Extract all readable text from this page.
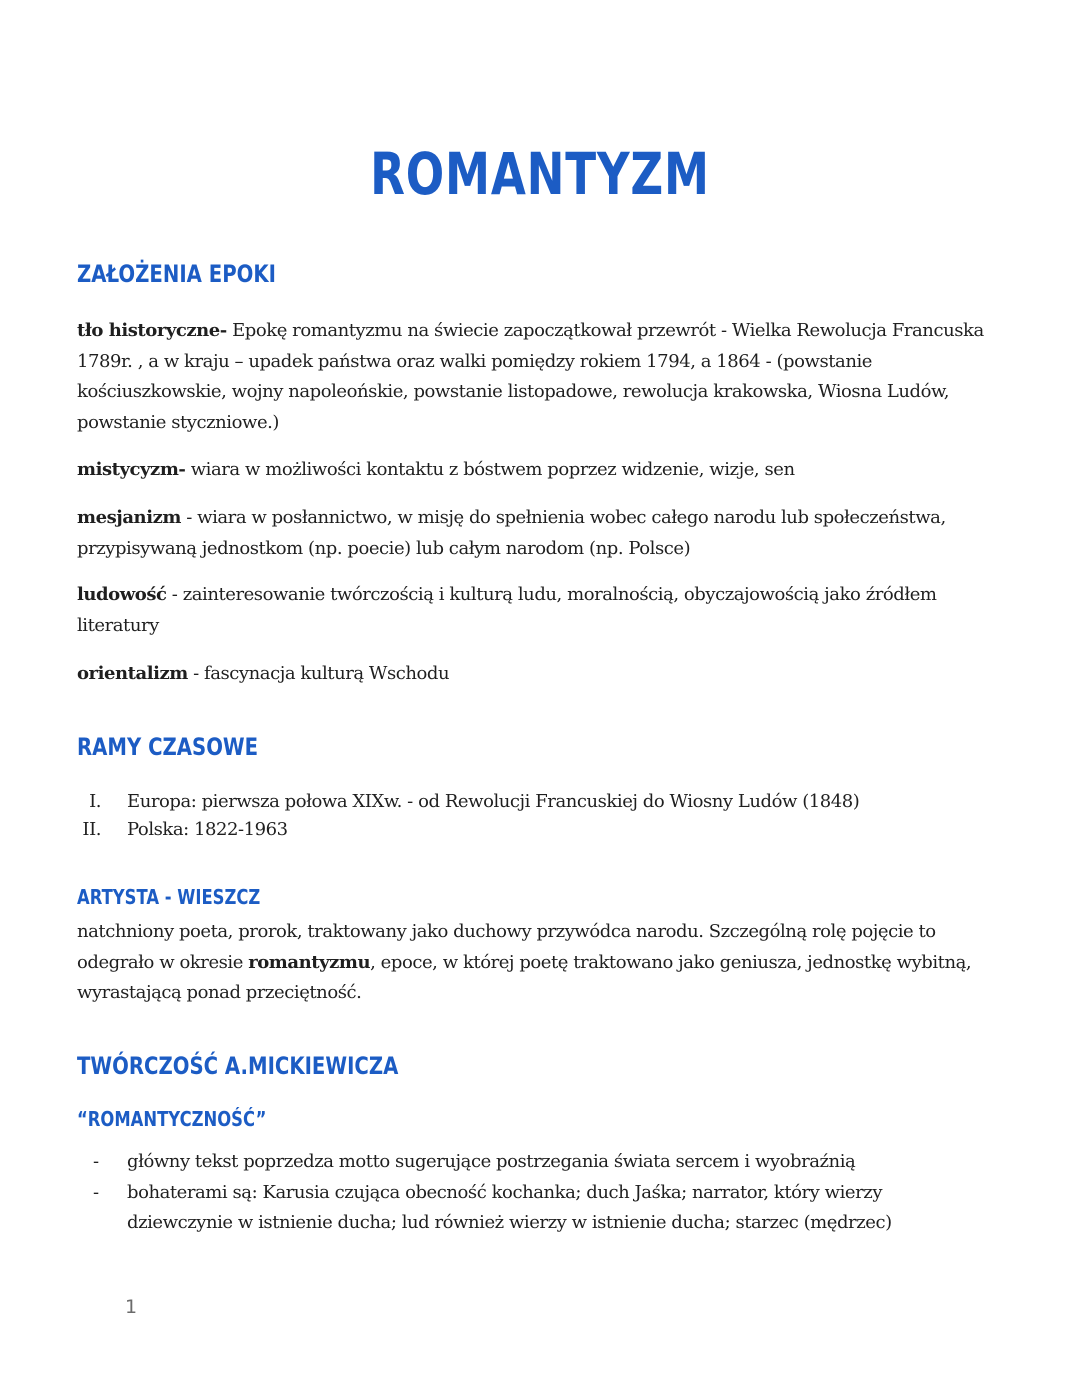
ROMANTYZM
ZAŁOŻENIA EPOKI

tło historyczne- Epokę romantyzmu na świecie zapoczątkował przewrót - Wielka Rewolucja Francuska 1789r. , a w kraju – upadek państwa oraz walki pomiędzy rokiem 1794, a 1864 - (powstanie kościuszkowskie, wojny napoleońskie, powstanie listopadowe, rewolucja krakowska, Wiosna Ludów, powstanie styczniowe.)

mistycyzm- wiara w możliwości kontaktu z bóstwem poprzez widzenie, wizje, sen

mesjanizm - wiara w posłannictwo, w misję do spełnienia wobec całego narodu lub społeczeństwa, przypisywaną jednostkom (np. poecie) lub całym narodom (np. Polsce)

ludowość - zainteresowanie twórczością i kulturą ludu, moralnością, obyczajowością jako źródłem literatury

orientalizm - fascynacja kulturą Wschodu

RAMY CZASOWE
I. Europa: pierwsza połowa XIXw. - od Rewolucji Francuskiej do Wiosny Ludów (1848)
II. Polska: 1822-1963
ARTYSTA - WIESZCZ

natchniony poeta, prorok, traktowany jako duchowy przywódca narodu. Szczególną rolę pojęcie to odegrało w okresie romantyzmu, epoce, w której poetę traktowano jako geniusza, jednostkę wybitną, wyrastającą ponad przeciętność.

TWÓRCZOŚĆ A.MICKIEWICZA
“ROMANTYCZNOŚĆ”
- główny tekst poprzedza motto sugerujące postrzegania świata sercem i wyobraźnią
- bohaterami są: Karusia czująca obecność kochanka; duch Jaśka; narrator, który wierzy dziewczynie w istnienie ducha; lud również wierzy w istnienie ducha; starzec (mędrzec)
1
